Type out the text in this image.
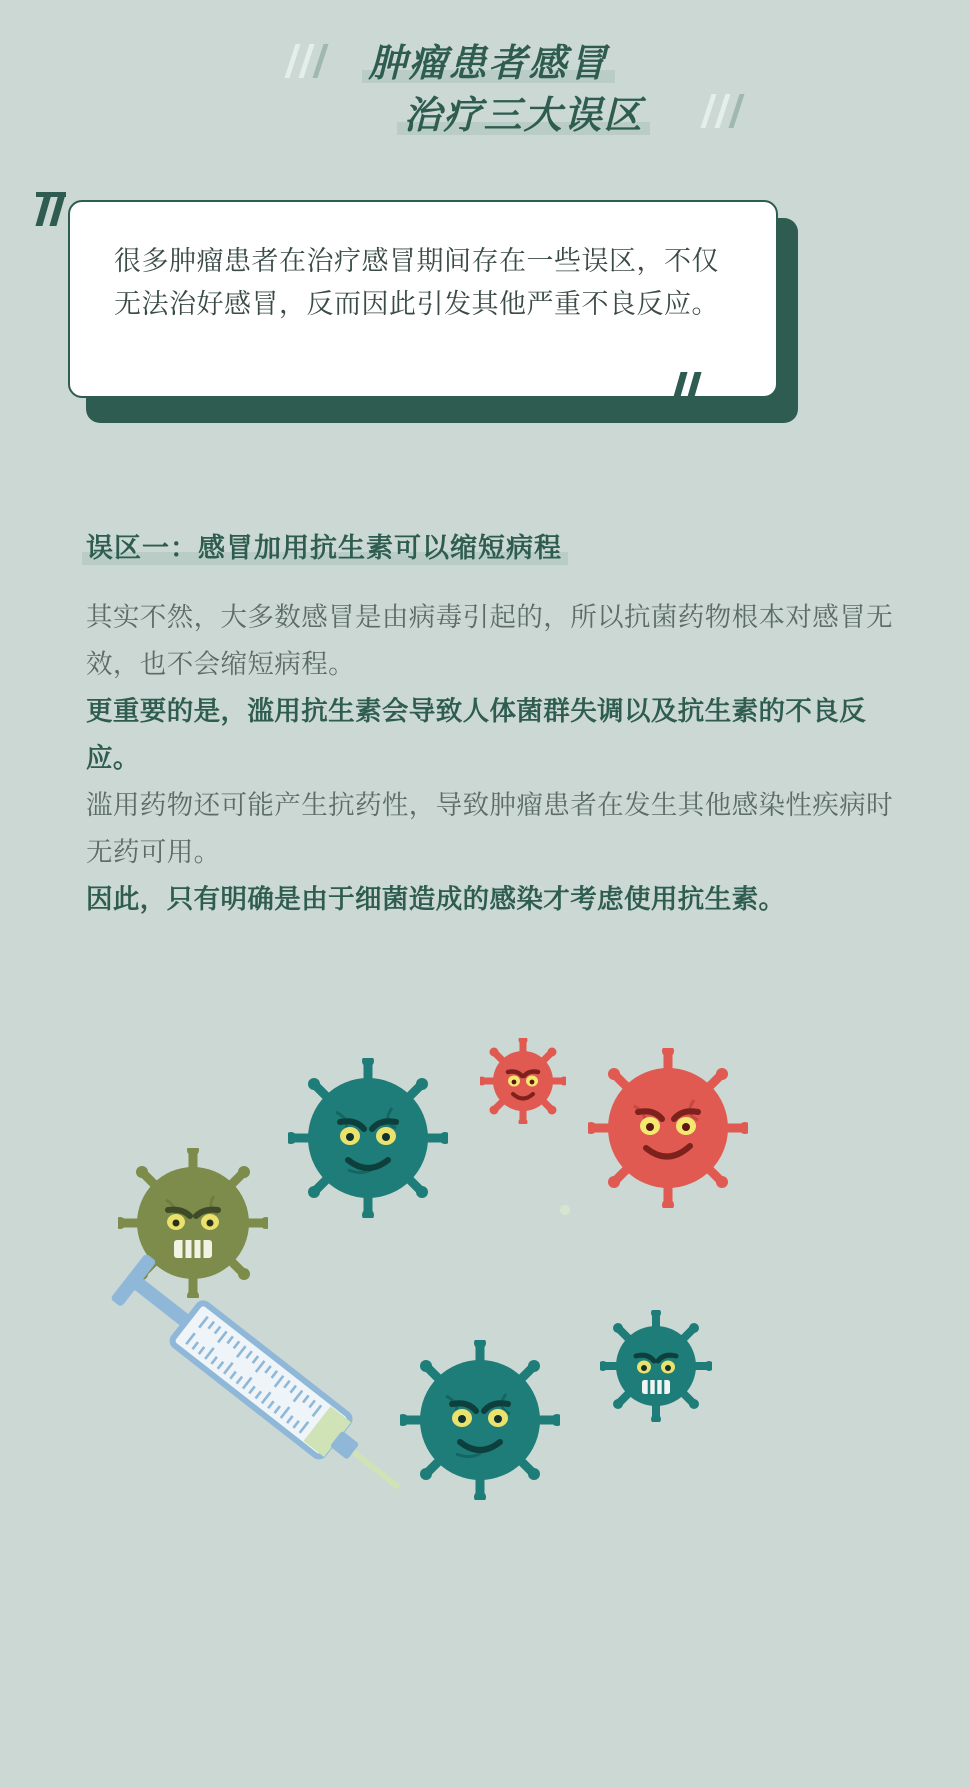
肿瘤患者感冒

治疗三大误区
很多肿瘤患者在治疗感冒期间存在一些误区，不仅无法治好感冒，反而因此引发其他严重不良反应。
误区一：感冒加用抗生素可以缩短病程

其实不然，大多数感冒是由病毒引起的，所以抗菌药物根本对感冒无效，也不会缩短病程。

更重要的是，滥用抗生素会导致人体菌群失调以及抗生素的不良反应。

滥用药物还可能产生抗药性，导致肿瘤患者在发生其他感染性疾病时无药可用。

因此，只有明确是由于细菌造成的感染才考虑使用抗生素。
